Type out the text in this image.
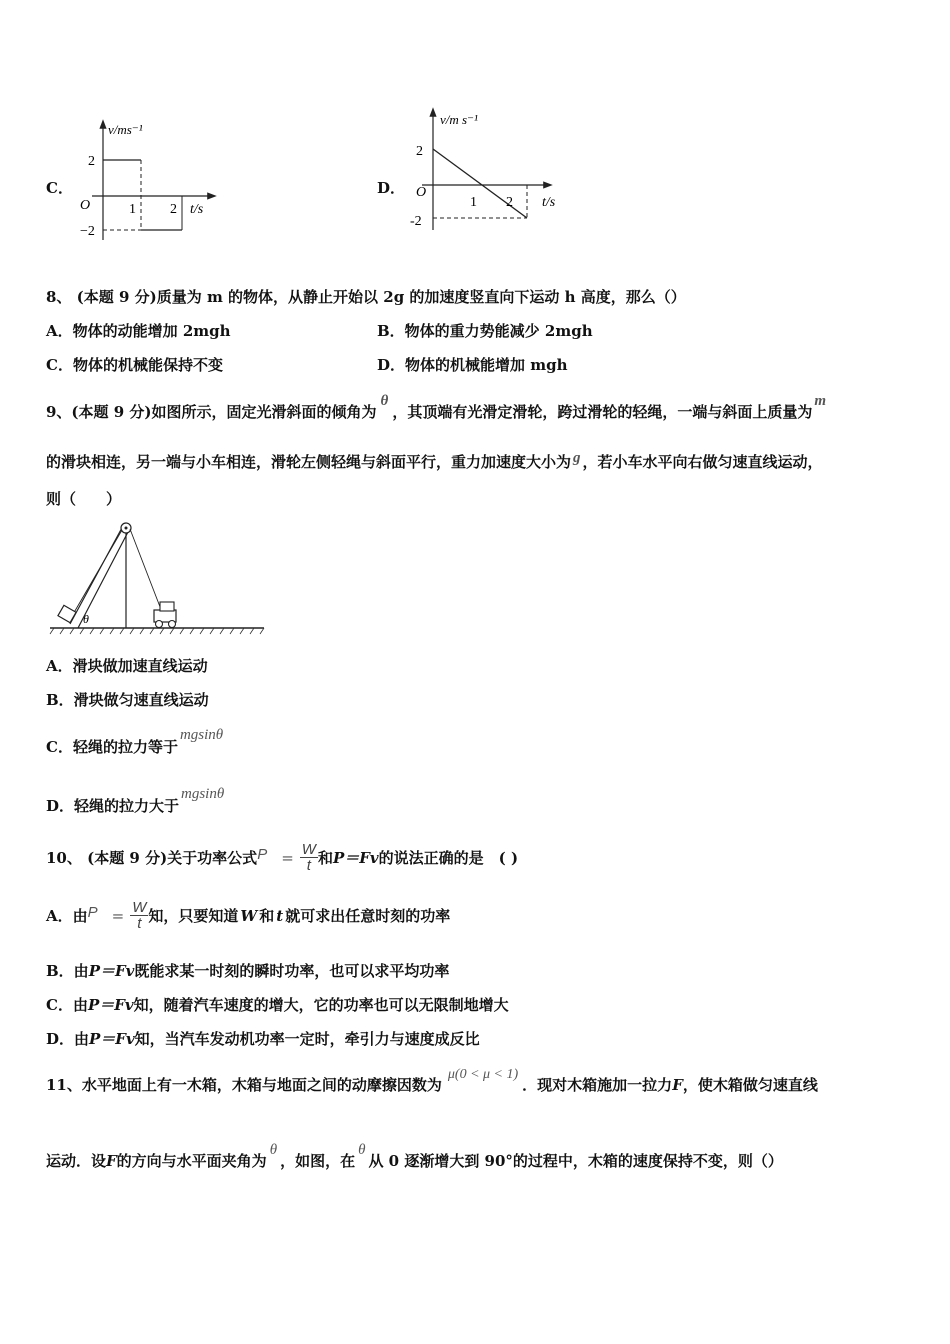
C．
v/ms⁻¹
2
O	1 2 t/s
−2
D．
v/m s⁻¹
2
O
1 2 t/s
-2
8、 (本题 9 分)质量为 m 的物体，从静止开始以 2g 的加速度竖直向下运动 h 高度，那么（）
A．物体的动能增加 2mgh	B．物体的重力势能减少 2mgh
C．物体的机械能保持不变	D．物体的机械能增加 mgh
9、(本题 9 分)如图所示，固定光滑斜面的倾角为θ，其顶端有光滑定滑轮，跨过滑轮的轻绳，一端与斜面上质量为m
的滑块相连，另一端与小车相连，滑轮左侧轻绳与斜面平行，重力加速度大小为 g ，若小车水平向右做匀速直线运动，
则（　　）
θ
A．滑块做加速直线运动
B．滑块做匀速直线运动
C．轻绳的拉力等于mgsinθ
D．轻绳的拉力大于mgsinθ
10、 (本题 9 分)关于功率公式$P = \frac{W}{t}$ 和P＝Fv的说法正确的是　( )
A．由$P = \frac{W}{t}$ 知，只要知道 W 和 t 就可求出任意时刻的功率
B．由P＝Fv既能求某一时刻的瞬时功率，也可以求平均功率
C．由P＝Fv知，随着汽车速度的增大，它的功率也可以无限制地增大
D．由P＝Fv知，当汽车发动机功率一定时，牵引力与速度成反比
11、水平地面上有一木箱，木箱与地面之间的动摩擦因数为μ(0 < μ < 1)．现对木箱施加一拉力F，使木箱做匀速直线
运动．设F的方向与水平面夹角为θ，如图，在θ从 0 逐渐增大到 90°的过程中，木箱的速度保持不变，则（）
